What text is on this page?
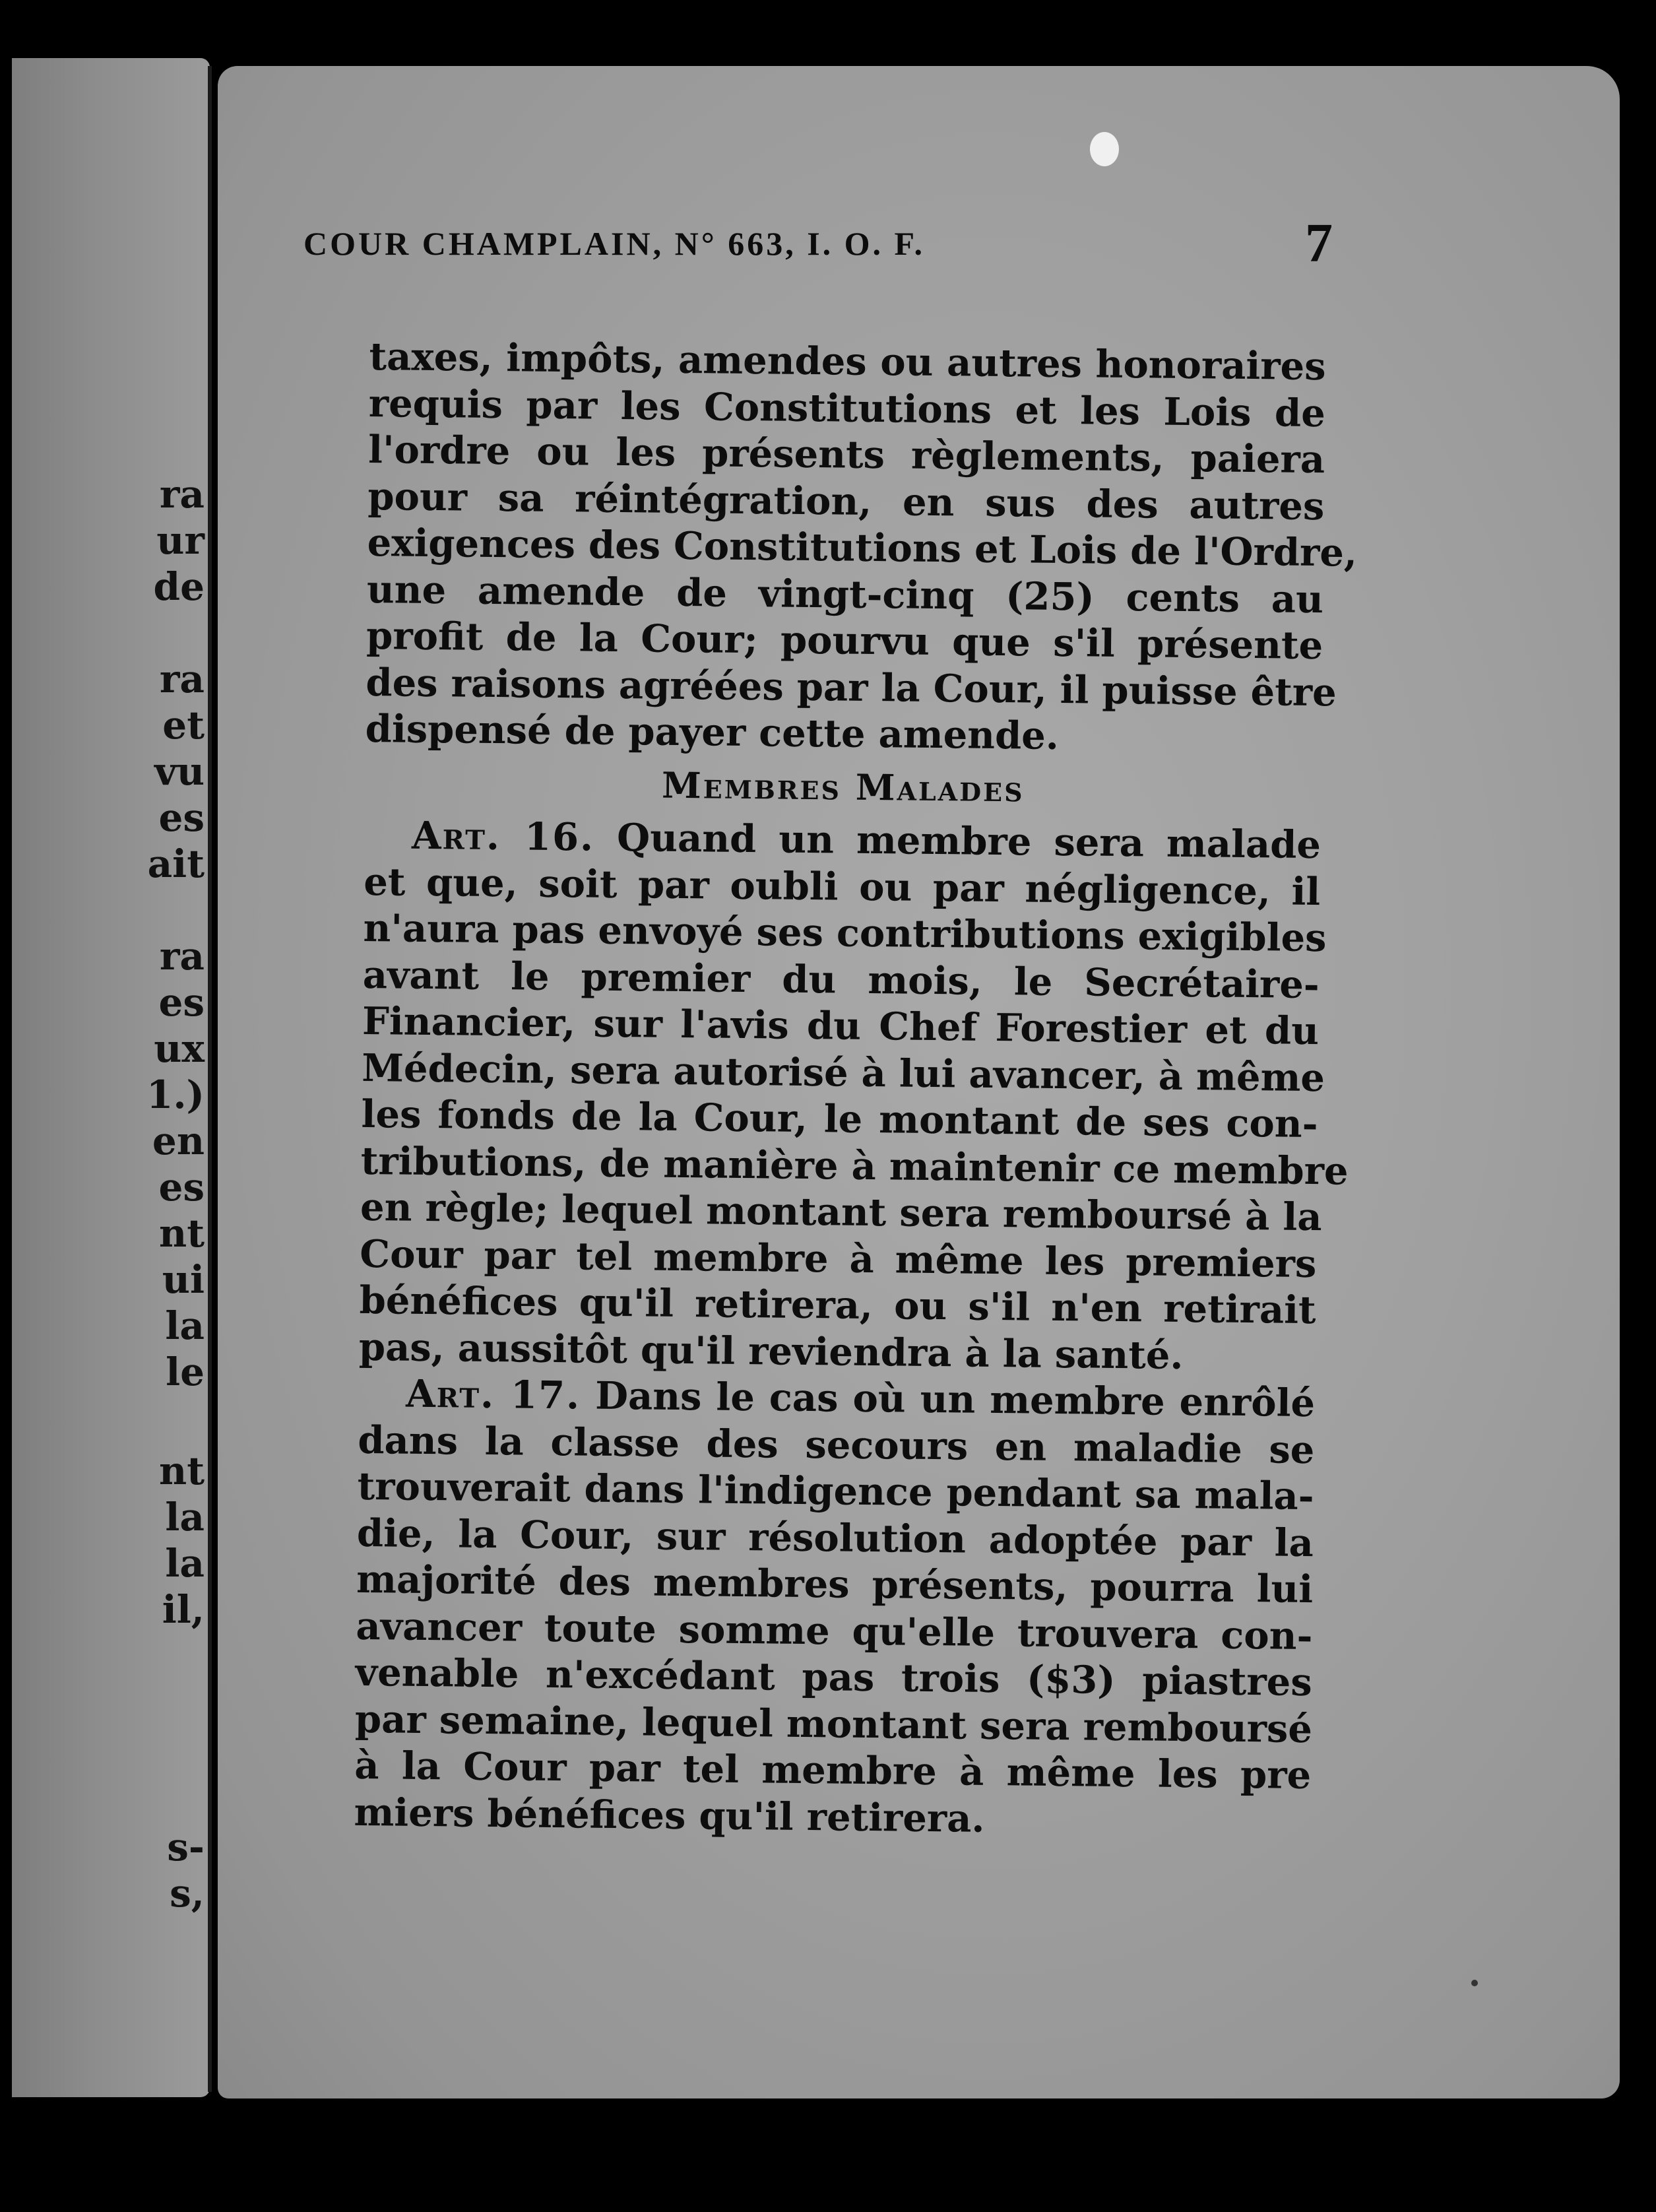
ra
ur
de
ra
et
vu
es
ait
ra
es
ux
1.)
en
es
nt
ui
la
le
nt
la
la
il,
s-
s,
COUR CHAMPLAIN, N° 663, I. O. F.	7
taxes, impôts, amendes ou autres honoraires
requis par les Constitutions et les Lois de
l'ordre ou les présents règlements, paiera
pour sa réintégration, en sus des autres
exigences des Constitutions et Lois de l'Ordre,
une amende de vingt-cinq (25) cents au
profit de la Cour; pourvu que s'il présente
des raisons agréées par la Cour, il puisse être
dispensé de payer cette amende.
Membres Malades
Art. 16. Quand un membre sera malade
et que, soit par oubli ou par négligence, il
n'aura pas envoyé ses contributions exigibles
avant le premier du mois, le Secrétaire-
Financier, sur l'avis du Chef Forestier et du
Médecin, sera autorisé à lui avancer, à même
les fonds de la Cour, le montant de ses con-
tributions, de manière à maintenir ce membre
en règle; lequel montant sera remboursé à la
Cour par tel membre à même les premiers
bénéfices qu'il retirera, ou s'il n'en retirait
pas, aussitôt qu'il reviendra à la santé.
Art. 17. Dans le cas où un membre enrôlé
dans la classe des secours en maladie se
trouverait dans l'indigence pendant sa mala-
die, la Cour, sur résolution adoptée par la
majorité des membres présents, pourra lui
avancer toute somme qu'elle trouvera con-
venable n'excédant pas trois ($3) piastres
par semaine, lequel montant sera remboursé
à la Cour par tel membre à même les pre
miers bénéfices qu'il retirera.
